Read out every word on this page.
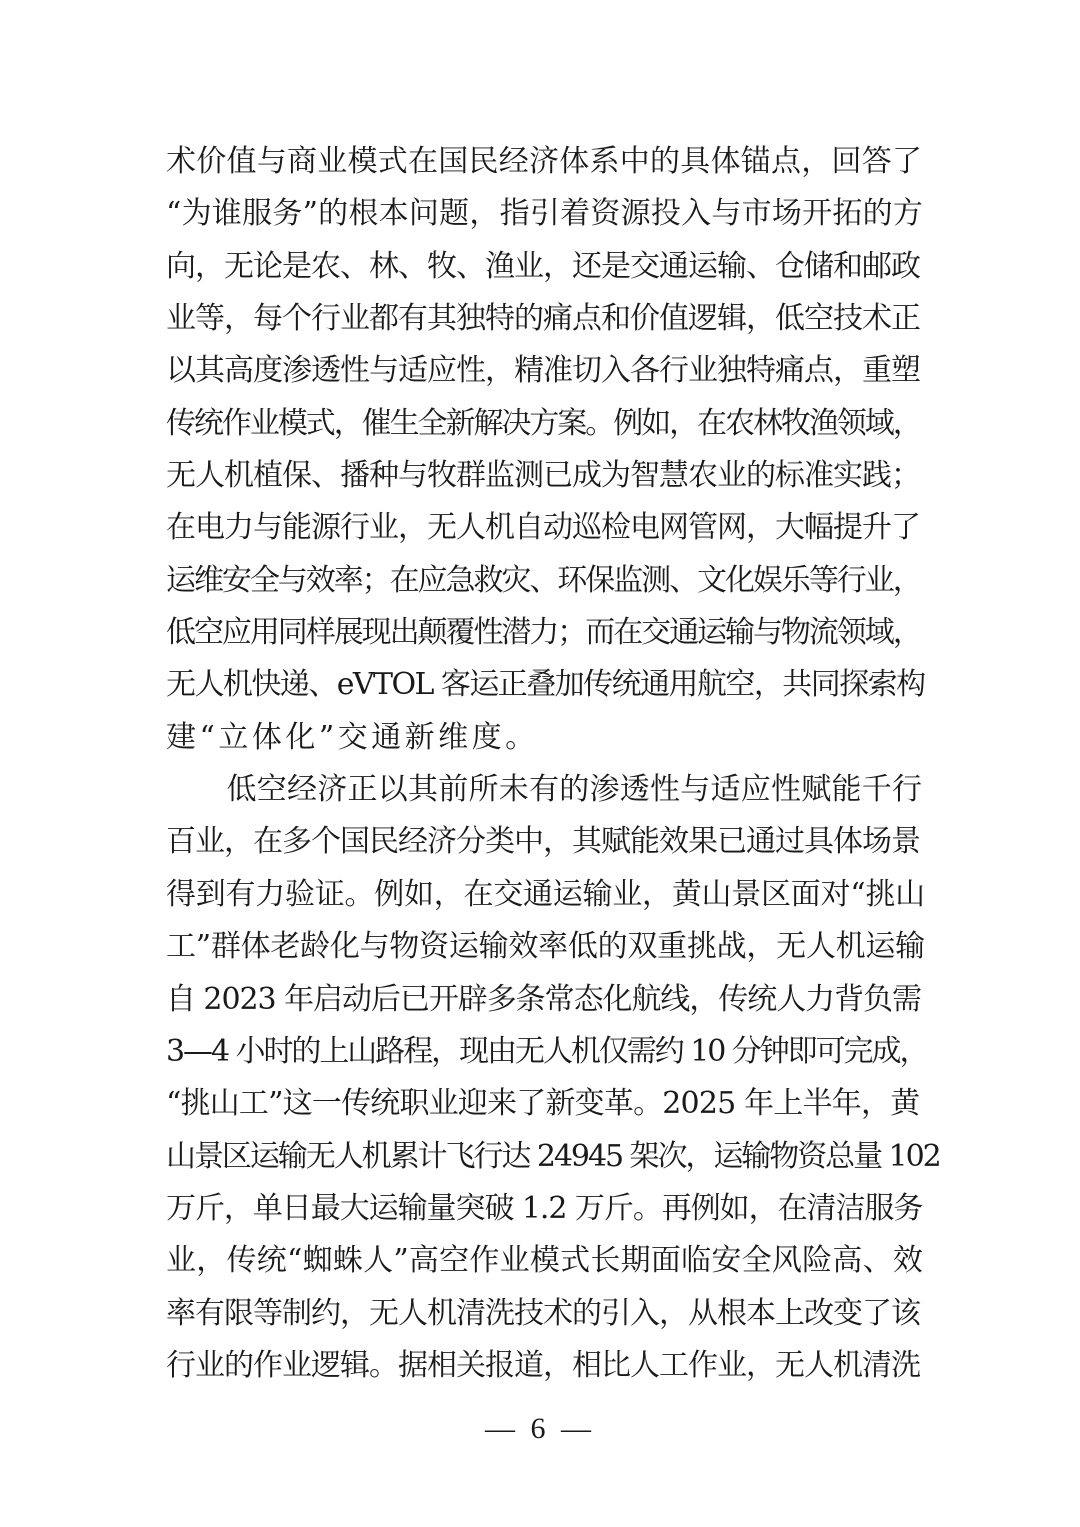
术价值与商业模式在国民经济体系中的具体锚点，回答了
“为谁服务”的根本问题，指引着资源投入与市场开拓的方
向，无论是农、林、牧、渔业，还是交通运输、仓储和邮政
业等，每个行业都有其独特的痛点和价值逻辑，低空技术正
以其高度渗透性与适应性，精准切入各行业独特痛点，重塑
传统作业模式，催生全新解决方案。例如，在农林牧渔领域，
无人机植保、播种与牧群监测已成为智慧农业的标准实践；
在电力与能源行业，无人机自动巡检电网管网，大幅提升了
运维安全与效率；在应急救灾、环保监测、文化娱乐等行业，
低空应用同样展现出颠覆性潜力；而在交通运输与物流领域，
无人机快递、eVTOL 客运正叠加传统通用航空，共同探索构
建“立体化”交通新维度。
　　低空经济正以其前所未有的渗透性与适应性赋能千行
百业，在多个国民经济分类中，其赋能效果已通过具体场景
得到有力验证。例如，在交通运输业，黄山景区面对“挑山
工”群体老龄化与物资运输效率低的双重挑战，无人机运输
自 2023 年启动后已开辟多条常态化航线，传统人力背负需
3—4 小时的上山路程，现由无人机仅需约 10 分钟即可完成，
“挑山工”这一传统职业迎来了新变革。2025 年上半年，黄
山景区运输无人机累计飞行达 24945 架次，运输物资总量 102
万斤，单日最大运输量突破 1.2 万斤。再例如，在清洁服务
业，传统“蜘蛛人”高空作业模式长期面临安全风险高、效
率有限等制约，无人机清洗技术的引入，从根本上改变了该
行业的作业逻辑。据相关报道，相比人工作业，无人机清洗
— 6 —
